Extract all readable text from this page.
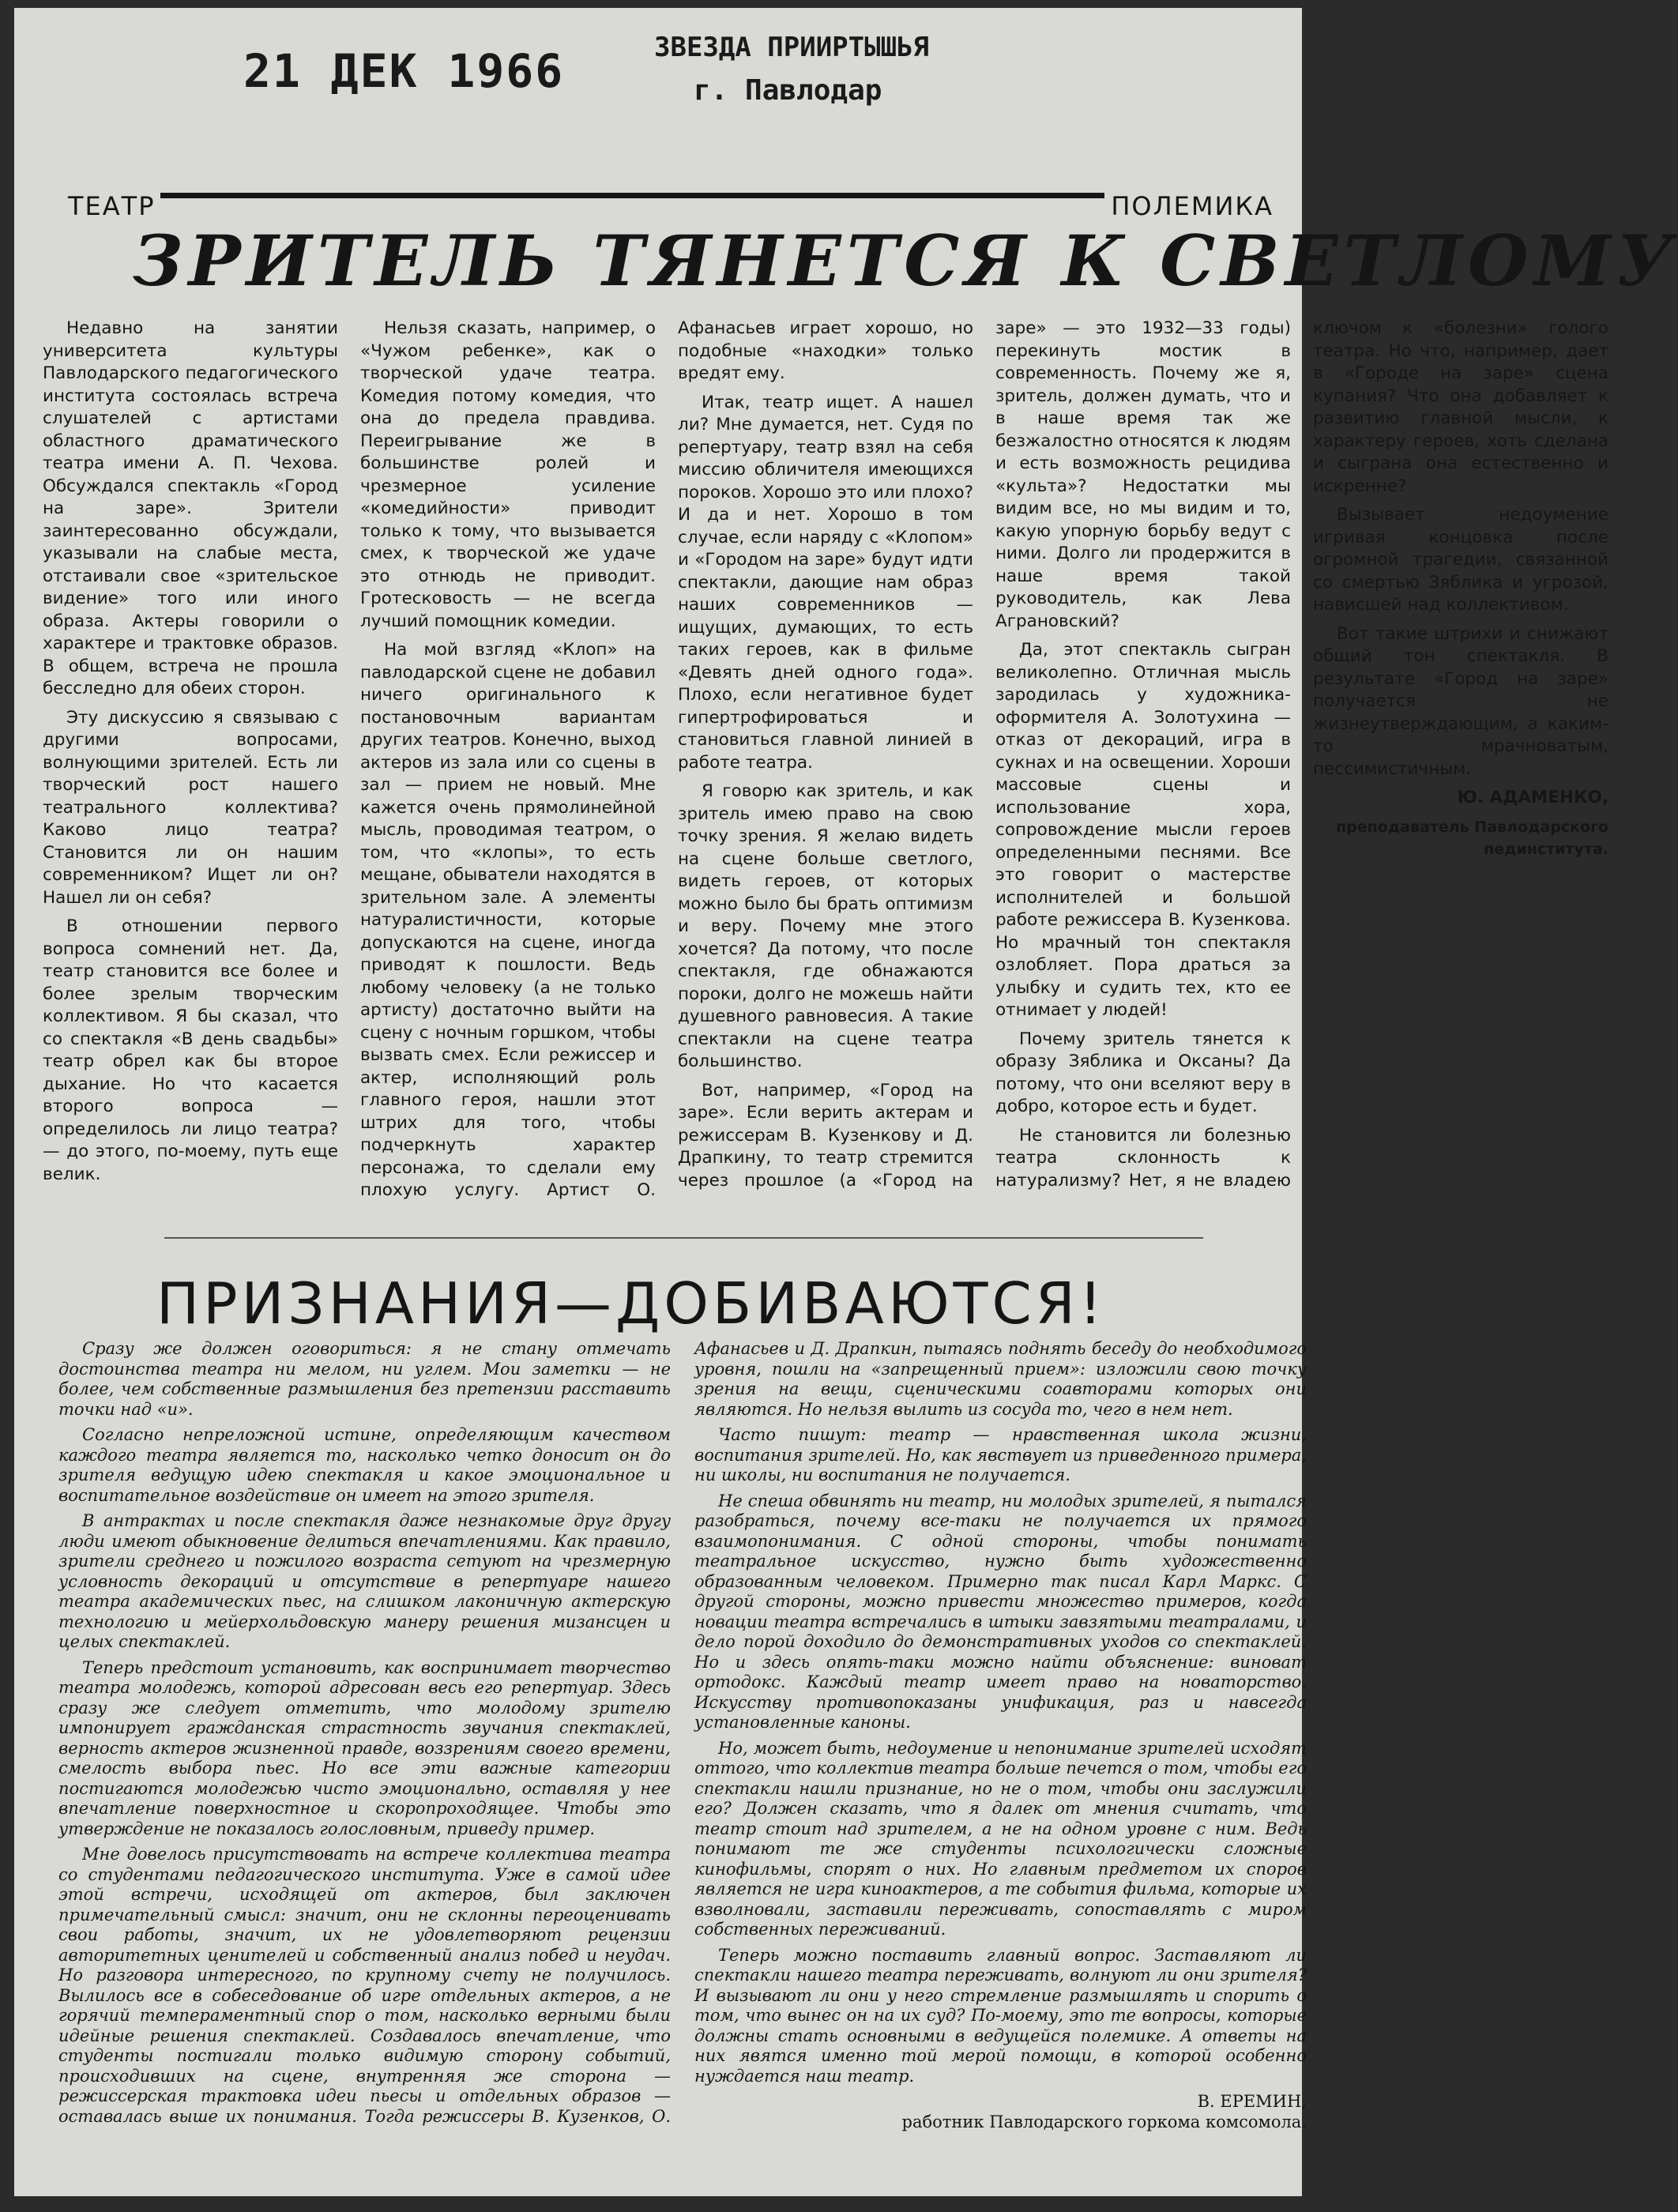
21 ДЕК 1966	ЗВЕЗДА ПРИИРТЫШЬЯ
г. Павлодар
ТЕАТР	ПОЛЕМИКА
ЗРИТЕЛЬ ТЯНЕТСЯ К СВЕТЛОМУ

Недавно на занятии университета культуры Павлодарского педагогического института состоялась встреча слушателей с артистами областного драматического театра имени А. П. Чехова. Обсуждался спектакль «Город на заре». Зрители заинтересованно обсуждали, указывали на слабые места, отстаивали свое «зрительское видение» того или иного образа. Актеры говорили о характере и трактовке образов. В общем, встреча не прошла бесследно для обеих сторон.

Эту дискуссию я связываю с другими вопросами, волнующими зрителей. Есть ли творческий рост нашего театрального коллектива? Каково лицо театра? Становится ли он нашим современником? Ищет ли он? Нашел ли он себя?

В отношении первого вопроса сомнений нет. Да, театр становится все более и более зрелым творческим коллективом. Я бы сказал, что со спектакля «В день свадьбы» театр обрел как бы второе дыхание. Но что касается второго вопроса — определилось ли лицо театра? — до этого, по-моему, путь еще велик.

Нельзя сказать, например, о «Чужом ребенке», как о творческой удаче театра. Комедия потому комедия, что она до предела правдива. Переигрывание же в большинстве ролей и чрезмерное усиление «комедийности» приводит только к тому, что вызывается смех, к творческой же удаче это отнюдь не приводит. Гротесковость — не всегда лучший помощник комедии.

На мой взгляд «Клоп» на павлодарской сцене не добавил ничего оригинального к постановочным вариантам других театров. Конечно, выход актеров из зала или со сцены в зал — прием не новый. Мне кажется очень прямолинейной мысль, проводимая театром, о том, что «клопы», то есть мещане, обыватели находятся в зрительном зале. А элементы натуралистичности, которые допускаются на сцене, иногда приводят к пошлости. Ведь любому человеку (а не только артисту) достаточно выйти на сцену с ночным горшком, чтобы вызвать смех. Если режиссер и актер, исполняющий роль главного героя, нашли этот штрих для того, чтобы подчеркнуть характер персонажа, то сделали ему плохую услугу. Артист О. Афанасьев играет хорошо, но подобные «находки» только вредят ему.

Итак, театр ищет. А нашел ли? Мне думается, нет. Судя по репертуару, театр взял на себя миссию обличителя имеющихся пороков. Хорошо это или плохо? И да и нет. Хорошо в том случае, если наряду с «Клопом» и «Городом на заре» будут идти спектакли, дающие нам образ наших современников — ищущих, думающих, то есть таких героев, как в фильме «Девять дней одного года». Плохо, если негативное будет гипертрофироваться и становиться главной линией в работе театра.

Я говорю как зритель, и как зритель имею право на свою точку зрения. Я желаю видеть на сцене больше светлого, видеть героев, от которых можно было бы брать оптимизм и веру. Почему мне этого хочется? Да потому, что после спектакля, где обнажаются пороки, долго не можешь найти душевного равновесия. А такие спектакли на сцене театра большинство.

Вот, например, «Город на заре». Если верить актерам и режиссерам В. Кузенкову и Д. Драпкину, то театр стремится через прошлое (а «Город на заре» — это 1932—33 годы) перекинуть мостик в современность. Почему же я, зритель, должен думать, что и в наше время так же безжалостно относятся к людям и есть возможность рецидива «культа»? Недостатки мы видим все, но мы видим и то, какую упорную борьбу ведут с ними. Долго ли продержится в наше время такой руководитель, как Лева Аграновский?

Да, этот спектакль сыгран великолепно. Отличная мысль зародилась у художника-оформителя А. Золотухина — отказ от декораций, игра в сукнах и на освещении. Хороши массовые сцены и использование хора, сопровождение мысли героев определенными песнями. Все это говорит о мастерстве исполнителей и большой работе режиссера В. Кузенкова. Но мрачный тон спектакля озлобляет. Пора драться за улыбку и судить тех, кто ее отнимает у людей!

Почему зритель тянется к образу Зяблика и Оксаны? Да потому, что они вселяют веру в добро, которое есть и будет.

Не становится ли болезнью театра склонность к натурализму? Нет, я не владею ключом к «болезни» голого театра. Но что, например, дает в «Городе на заре» сцена купания? Что она добавляет к развитию главной мысли, к характеру героев, хоть сделана и сыграна она естественно и искренне?

Вызывает недоумение игривая концовка после огромной трагедии, связанной со смертью Зяблика и угрозой, нависшей над коллективом.

Вот такие штрихи и снижают общий тон спектакля. В результате «Город на заре» получается не жизнеутверждающим, а каким-то мрачноватым, пессимистичным.

Ю. АДАМЕНКО,

преподаватель Павлодарского пединститута.

ПРИЗНАНИЯ—ДОБИВАЮТСЯ!

Сразу же должен оговориться: я не стану отмечать достоинства театра ни мелом, ни углем. Мои заметки — не более, чем собственные размышления без претензии расставить точки над «и».

Согласно непреложной истине, определяющим качеством каждого театра является то, насколько четко доносит он до зрителя ведущую идею спектакля и какое эмоциональное и воспитательное воздействие он имеет на этого зрителя.

В антрактах и после спектакля даже незнакомые друг другу люди имеют обыкновение делиться впечатлениями. Как правило, зрители среднего и пожилого возраста сетуют на чрезмерную условность декораций и отсутствие в репертуаре нашего театра академических пьес, на слишком лаконичную актерскую технологию и мейерхольдовскую манеру решения мизансцен и целых спектаклей.

Теперь предстоит установить, как воспринимает творчество театра молодежь, которой адресован весь его репертуар. Здесь сразу же следует отметить, что молодому зрителю импонирует гражданская страстность звучания спектаклей, верность актеров жизненной правде, воззрениям своего времени, смелость выбора пьес. Но все эти важные категории постигаются молодежью чисто эмоционально, оставляя у нее впечатление поверхностное и скоропроходящее. Чтобы это утверждение не показалось голословным, приведу пример.

Мне довелось присутствовать на встрече коллектива театра со студентами педагогического института. Уже в самой идее этой встречи, исходящей от актеров, был заключен примечательный смысл: значит, они не склонны переоценивать свои работы, значит, их не удовлетворяют рецензии авторитетных ценителей и собственный анализ побед и неудач. Но разговора интересного, по крупному счету не получилось. Вылилось все в собеседование об игре отдельных актеров, а не горячий темпераментный спор о том, насколько верными были идейные решения спектаклей. Создавалось впечатление, что студенты постигали только видимую сторону событий, происходивших на сцене, внутренняя же сторона — режиссерская трактовка идеи пьесы и отдельных образов — оставалась выше их понимания. Тогда режиссеры В. Кузенков, О. Афанасьев и Д. Драпкин, пытаясь поднять беседу до необходимого уровня, пошли на «запрещенный прием»: изложили свою точку зрения на вещи, сценическими соавторами которых они являются. Но нельзя вылить из сосуда то, чего в нем нет.

Часто пишут: театр — нравственная школа жизни, воспитания зрителей. Но, как явствует из приведенного примера, ни школы, ни воспитания не получается.

Не спеша обвинять ни театр, ни молодых зрителей, я пытался разобраться, почему все-таки не получается их прямого взаимопонимания. С одной стороны, чтобы понимать театральное искусство, нужно быть художественно образованным человеком. Примерно так писал Карл Маркс. С другой стороны, можно привести множество примеров, когда новации театра встречались в штыки завзятыми театралами, и дело порой доходило до демонстративных уходов со спектаклей. Но и здесь опять-таки можно найти объяснение: виноват ортодокс. Каждый театр имеет право на новаторство. Искусству противопоказаны унификация, раз и навсегда установленные каноны.

Но, может быть, недоумение и непонимание зрителей исходят оттого, что коллектив театра больше печется о том, чтобы его спектакли нашли признание, но не о том, чтобы они заслужили его? Должен сказать, что я далек от мнения считать, что театр стоит над зрителем, а не на одном уровне с ним. Ведь понимают те же студенты психологически сложные кинофильмы, спорят о них. Но главным предметом их споров является не игра киноактеров, а те события фильма, которые их взволновали, заставили переживать, сопоставлять с миром собственных переживаний.

Теперь можно поставить главный вопрос. Заставляют ли спектакли нашего театра переживать, волнуют ли они зрителя? И вызывают ли они у него стремление размышлять и спорить о том, что вынес он на их суд? По-моему, это те вопросы, которые должны стать основными в ведущейся полемике. А ответы на них явятся именно той мерой помощи, в которой особенно нуждается наш театр.

В. ЕРЕМИН,

работник Павлодарского горкома комсомола.
